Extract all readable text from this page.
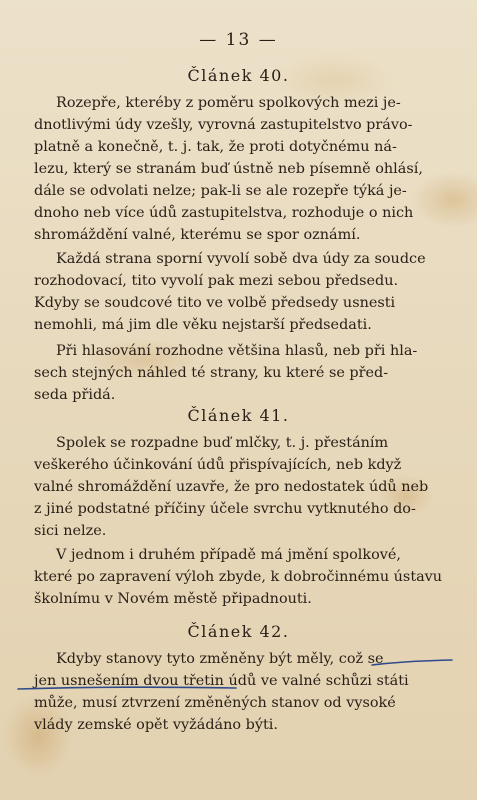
— 13 —
Článek 40.
Rozepře, kteréby z poměru spolkových mezi je-
dnotlivými údy vzešly, vyrovná zastupitelstvo právo-
platně a konečně, t. j. tak, že proti dotyčnému ná-
lezu, který se stranám buď ústně neb písemně ohlásí,
dále se odvolati nelze; pak-li se ale rozepře týká je-
dnoho neb více údů zastupitelstva, rozhoduje o nich
shromáždění valné, kterému se spor oznámí.
Každá strana sporní vyvolí sobě dva údy za soudce
rozhodovací, tito vyvolí pak mezi sebou předsedu.
Kdyby se soudcové tito ve volbě předsedy usnesti
nemohli, má jim dle věku nejstarší předsedati.
Při hlasování rozhodne většina hlasů, neb při hla-
sech stejných náhled té strany, ku které se před-
seda přidá.
Článek 41.
Spolek se rozpadne buď mlčky, t. j. přestáním
veškerého účinkování údů přispívajících, neb když
valné shromáždění uzavře, že pro nedostatek údů neb
z jiné podstatné příčiny účele svrchu vytknutého do-
sici nelze.
V jednom i druhém případě má jmění spolkové,
které po zapravení výloh zbyde, k dobročinnému ústavu
školnímu v Novém městě připadnouti.
Článek 42.
Kdyby stanovy tyto změněny být měly, což se
jen usnešením dvou třetin údů ve valné schůzi státi
může, musí ztvrzení změněných stanov od vysoké
vlády zemské opět vyžádáno býti.
